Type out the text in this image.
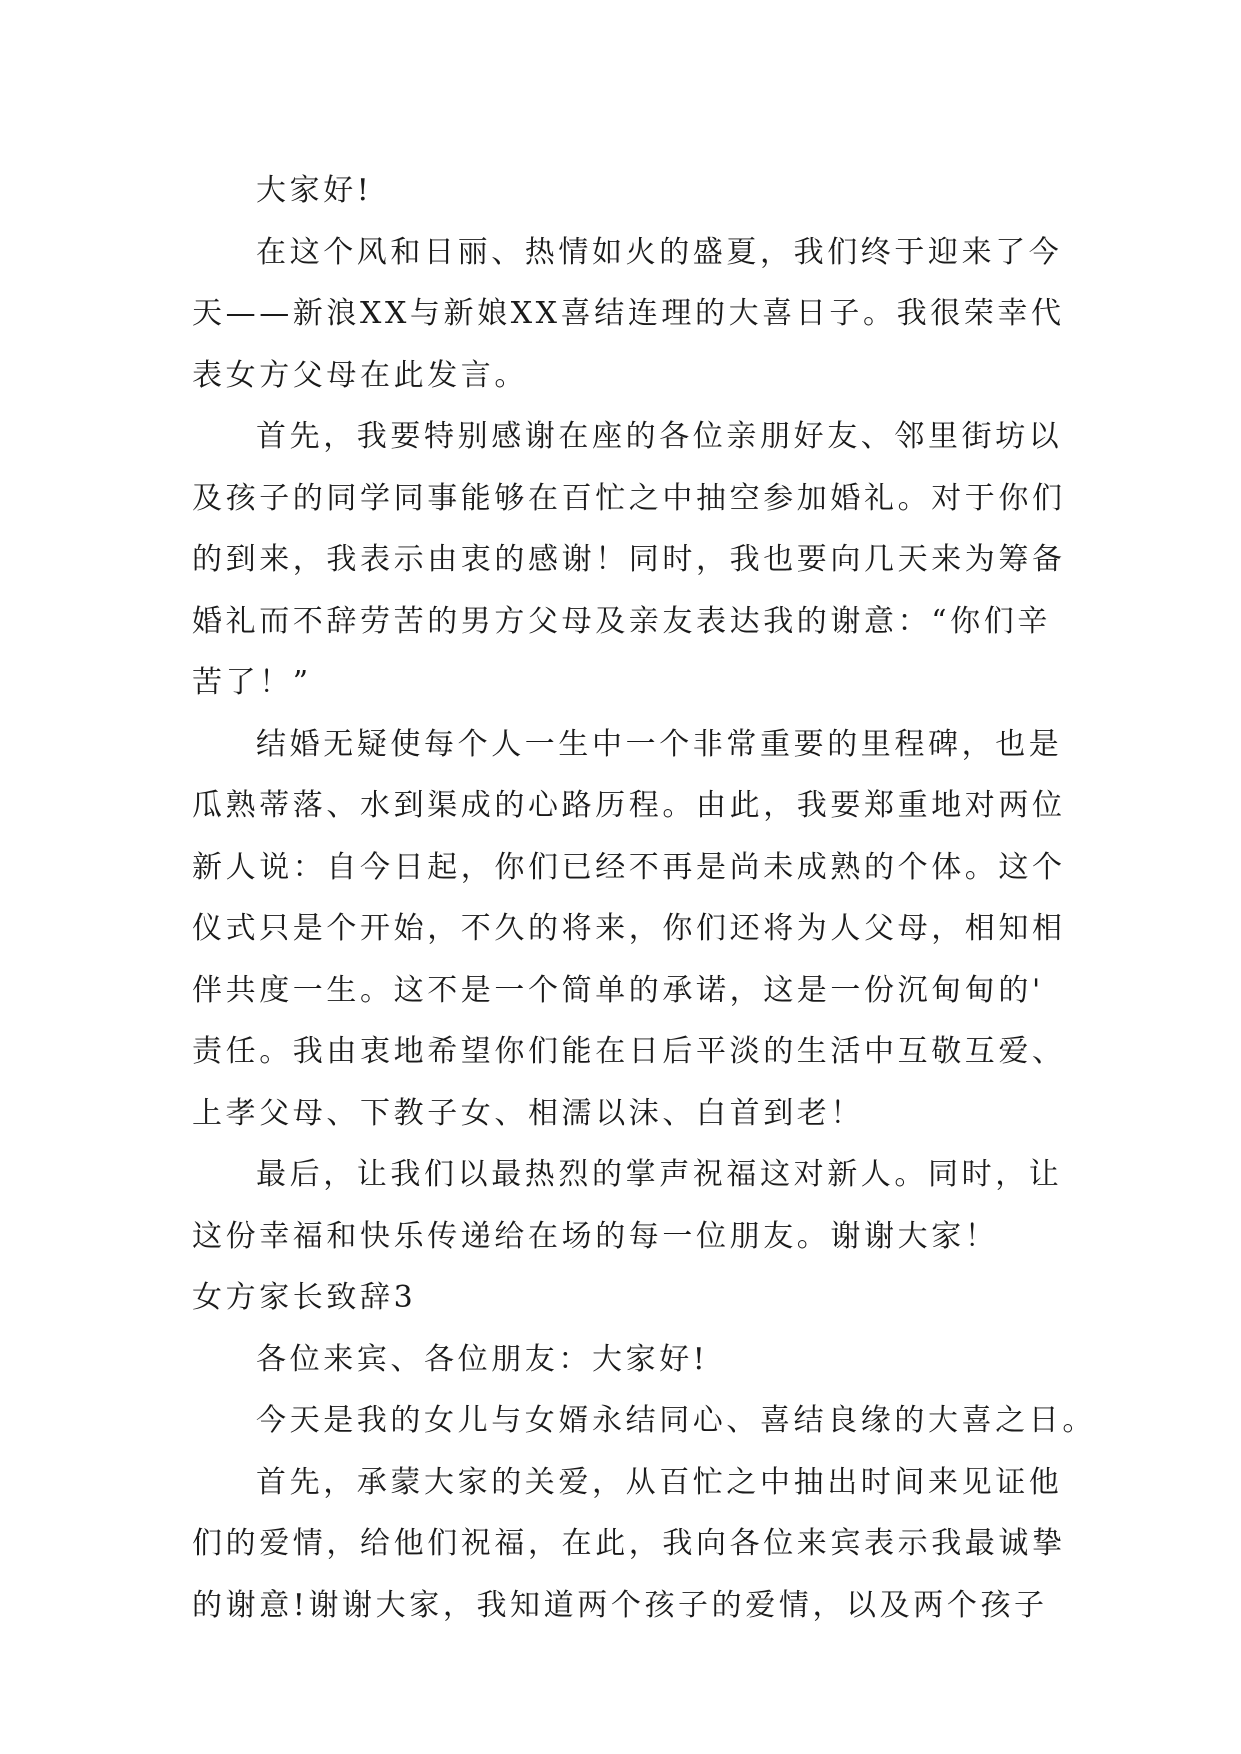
大家好!
在这个风和日丽、热情如火的盛夏，我们终于迎来了今
天——新浪XX与新娘XX喜结连理的大喜日子。我很荣幸代
表女方父母在此发言。
首先，我要特别感谢在座的各位亲朋好友、邻里街坊以
及孩子的同学同事能够在百忙之中抽空参加婚礼。对于你们
的到来，我表示由衷的感谢！同时，我也要向几天来为筹备
婚礼而不辞劳苦的男方父母及亲友表达我的谢意：“你们辛
苦了！”
结婚无疑使每个人一生中一个非常重要的里程碑，也是
瓜熟蒂落、水到渠成的心路历程。由此，我要郑重地对两位
新人说：自今日起，你们已经不再是尚未成熟的个体。这个
仪式只是个开始，不久的将来，你们还将为人父母，相知相
伴共度一生。这不是一个简单的承诺，这是一份沉甸甸的'
责任。我由衷地希望你们能在日后平淡的生活中互敬互爱、
上孝父母、下教子女、相濡以沫、白首到老！
最后，让我们以最热烈的掌声祝福这对新人。同时，让
这份幸福和快乐传递给在场的每一位朋友。谢谢大家！
女方家长致辞3
各位来宾、各位朋友：大家好!
今天是我的女儿与女婿永结同心、喜结良缘的大喜之日。
首先，承蒙大家的关爱，从百忙之中抽出时间来见证他
们的爱情，给他们祝福，在此，我向各位来宾表示我最诚挚
的谢意!谢谢大家，我知道两个孩子的爱情，以及两个孩子
